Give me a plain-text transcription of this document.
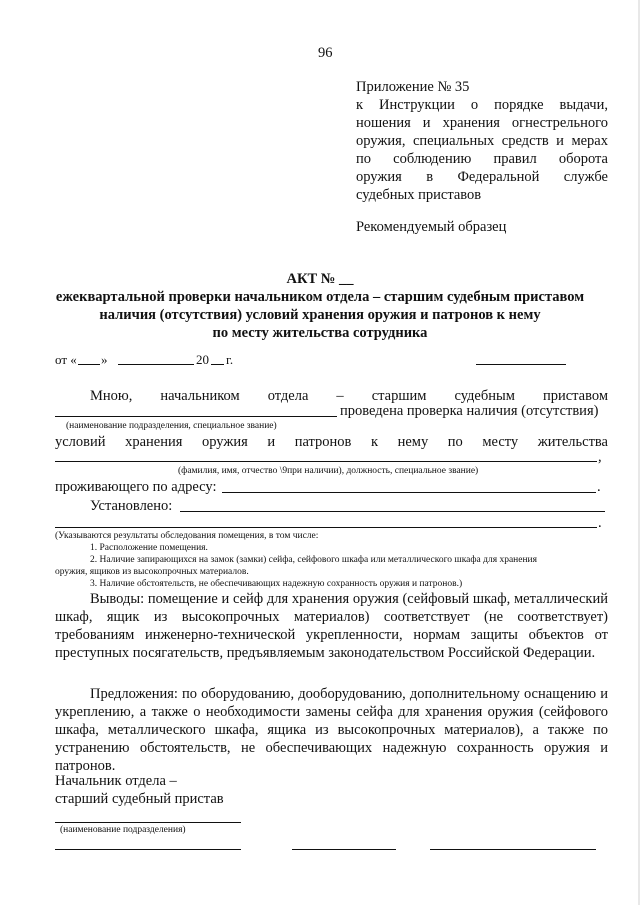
96
Приложение № 35
к Инструкции о порядке выдачи,
ношения и хранения огнестрельного
оружия, специальных средств и мерах
по соблюдению правил оборота
оружия в Федеральной службе
судебных приставов
Рекомендуемый образец
АКТ № __
ежеквартальной проверки начальником отдела – старшим судебным приставом
наличия (отсутствия) условий хранения оружия и патронов к нему
по месту жительства сотрудника
от « »	20 г.
Мною, начальником отдела – старшим судебным приставом
проведена проверка наличия (отсутствия)
(наименование подразделения, специальное звание)
условий хранения оружия и патронов к нему по месту жительства
,
(фамилия, имя, отчество \9при наличии), должность, специальное звание)
проживающего по адресу:	.
Установлено:
.
(Указываются результаты обследования помещения, в том числе:
1. Расположение помещения.
2. Наличие запирающихся на замок (замки) сейфа, сейфового шкафа или металлического шкафа для хранения
оружия, ящиков из высокопрочных материалов.
3. Наличие обстоятельств, не обеспечивающих надежную сохранность оружия и патронов.)
Выводы: помещение и сейф для хранения оружия (сейфовый шкаф, металлический шкаф, ящик из высокопрочных материалов) соответствует (не соответствует) требованиям инженерно-технической укрепленности, нормам защиты объектов от преступных посягательств, предъявляемым законодательством Российской Федерации.
Предложения: по оборудованию, дооборудованию, дополнительному оснащению и укреплению, а также о необходимости замены сейфа для хранения оружия (сейфового шкафа, металлического шкафа, ящика из высокопрочных материалов), а также по устранению обстоятельств, не обеспечивающих надежную сохранность оружия и патронов.
Начальник отдела –
старший судебный пристав
(наименование подразделения)
